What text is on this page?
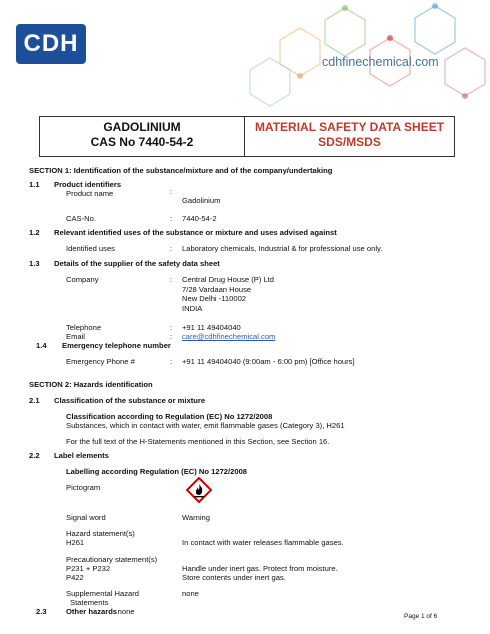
CDH
cdhfinechemical.com
GADOLINIUM
CAS No 7440-54-2
MATERIAL SAFETY DATA SHEET
SDS/MSDS
SECTION 1: Identification of the substance/mixture and of the company/undertaking
1.1 Product identifiers
Product name	:
Gadolinium
CAS-No.	: 7440-54-2
1.2 Relevant identified uses of the substance or mixture and uses advised against
Identified uses	: Laboratory chemicals, Industrial & for professional use only.
1.3 Details of the supplier of the safety data sheet
Company	: Central Drug House (P) Ltd
7/28 Vardaan House
New Delhi -110002
INDIA
Telephone	: +91 11 49404040
Email	: care@cdhfinechemical.com
1.4 Emergency telephone number
Emergency Phone #	: +91 11 49404040 (9:00am - 6:00 pm) [Office hours]
SECTION 2: Hazards identification
2.1 Classification of the substance or mixture
Classification according to Regulation (EC) No 1272/2008
Substances, which in contact with water, emit flammable gases (Category 3), H261
For the full text of the H-Statements mentioned in this Section, see Section 16.
2.2 Label elements
Labelling according Regulation (EC) No 1272/2008
Pictogram
Signal word	Warning
Hazard statement(s)
H261	In contact with water releases flammable gases.
Precautionary statement(s)
P231 + P232	Handle under inert gas. Protect from moisture.
P422	Store contents under inert gas.
Supplemental Hazard	none
Statements
2.3	Other hazards
- none
Page 1 of 6
